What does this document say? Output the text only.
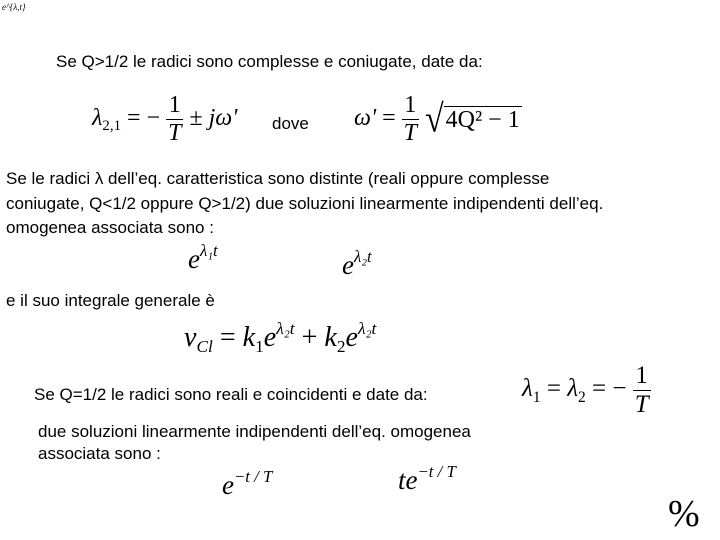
e^{λ,t}
Se Q>1/2 le radici sono complesse e coniugate, date da:
$\lambda_{2,1}$ = − $\frac{1}{T} \pm j\omega'$ dove $\omega' = \frac{1}{T} √4Q^2 - 1$
Se le radici λ dell’eq. caratteristica sono distinte (reali oppure complesse
coniugate, Q<1/2 oppure Q>1/2) due soluzioni linearmente indipendenti dell’eq.
omogenea associata sono :
$e^{\lambda_1t}$	$e^{\lambda_2t}$
e il suo integrale generale è
$v_{Cl} = k_1e^{\lambda_2t} + k_2e^{\lambda_2t}$
Se Q=1/2 le radici sono reali e coincidenti e date da:	$\lambda_1 = \lambda_2$ = − $\frac{1}{T}$
due soluzioni linearmente indipendenti dell’eq. omogenea
associata sono :
$e^{-t / T}$	$te^{-t / T}$
%
